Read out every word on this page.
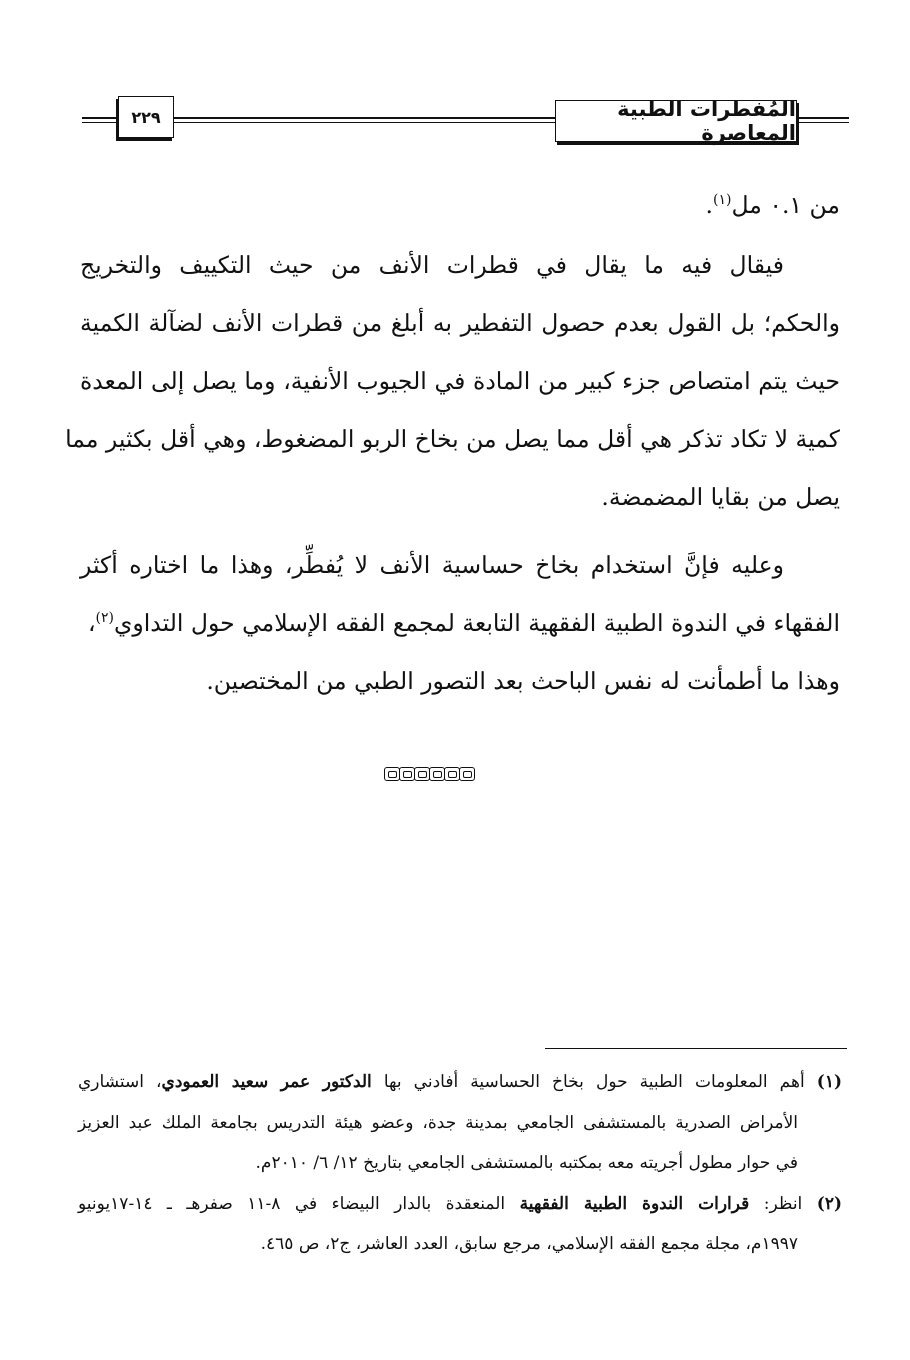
٢٢٩	المُفطرات الطبية المعاصرة
من ٠.١ مل$^{(١)}$.
فيقال فيه ما يقال في قطرات الأنف من حيث التكييف والتخريج
والحكم؛ بل القول بعدم حصول التفطير به أبلغ من قطرات الأنف لضآلة الكمية
حيث يتم امتصاص جزء كبير من المادة في الجيوب الأنفية، وما يصل إلى المعدة
كمية لا تكاد تذكر هي أقل مما يصل من بخاخ الربو المضغوط، وهي أقل بكثير مما
يصل من بقايا المضمضة.
وعليه فإنَّ استخدام بخاخ حساسية الأنف لا يُفطِّر، وهذا ما اختاره أكثر
الفقهاء في الندوة الطبية الفقهية التابعة لمجمع الفقه الإسلامي حول التداوي$^{(٢)}$،
وهذا ما أطمأنت له نفس الباحث بعد التصور الطبي من المختصين.
(١) أهم المعلومات الطبية حول بخاخ الحساسية أفادني بها الدكتور عمر سعيد العمودي، استشاري
الأمراض الصدرية بالمستشفى الجامعي بمدينة جدة، وعضو هيئة التدريس بجامعة الملك عبد العزيز
في حوار مطول أجريته معه بمكتبه بالمستشفى الجامعي بتاريخ ١٢/ ٦/ ٢٠١٠م.
(٢) انظر: قرارات الندوة الطبية الفقهية المنعقدة بالدار البيضاء في ٨-١١ صفرهـ ـ ١٤-١٧يونيو
١٩٩٧م، مجلة مجمع الفقه الإسلامي، مرجع سابق، العدد العاشر، ج٢، ص ٤٦٥.
